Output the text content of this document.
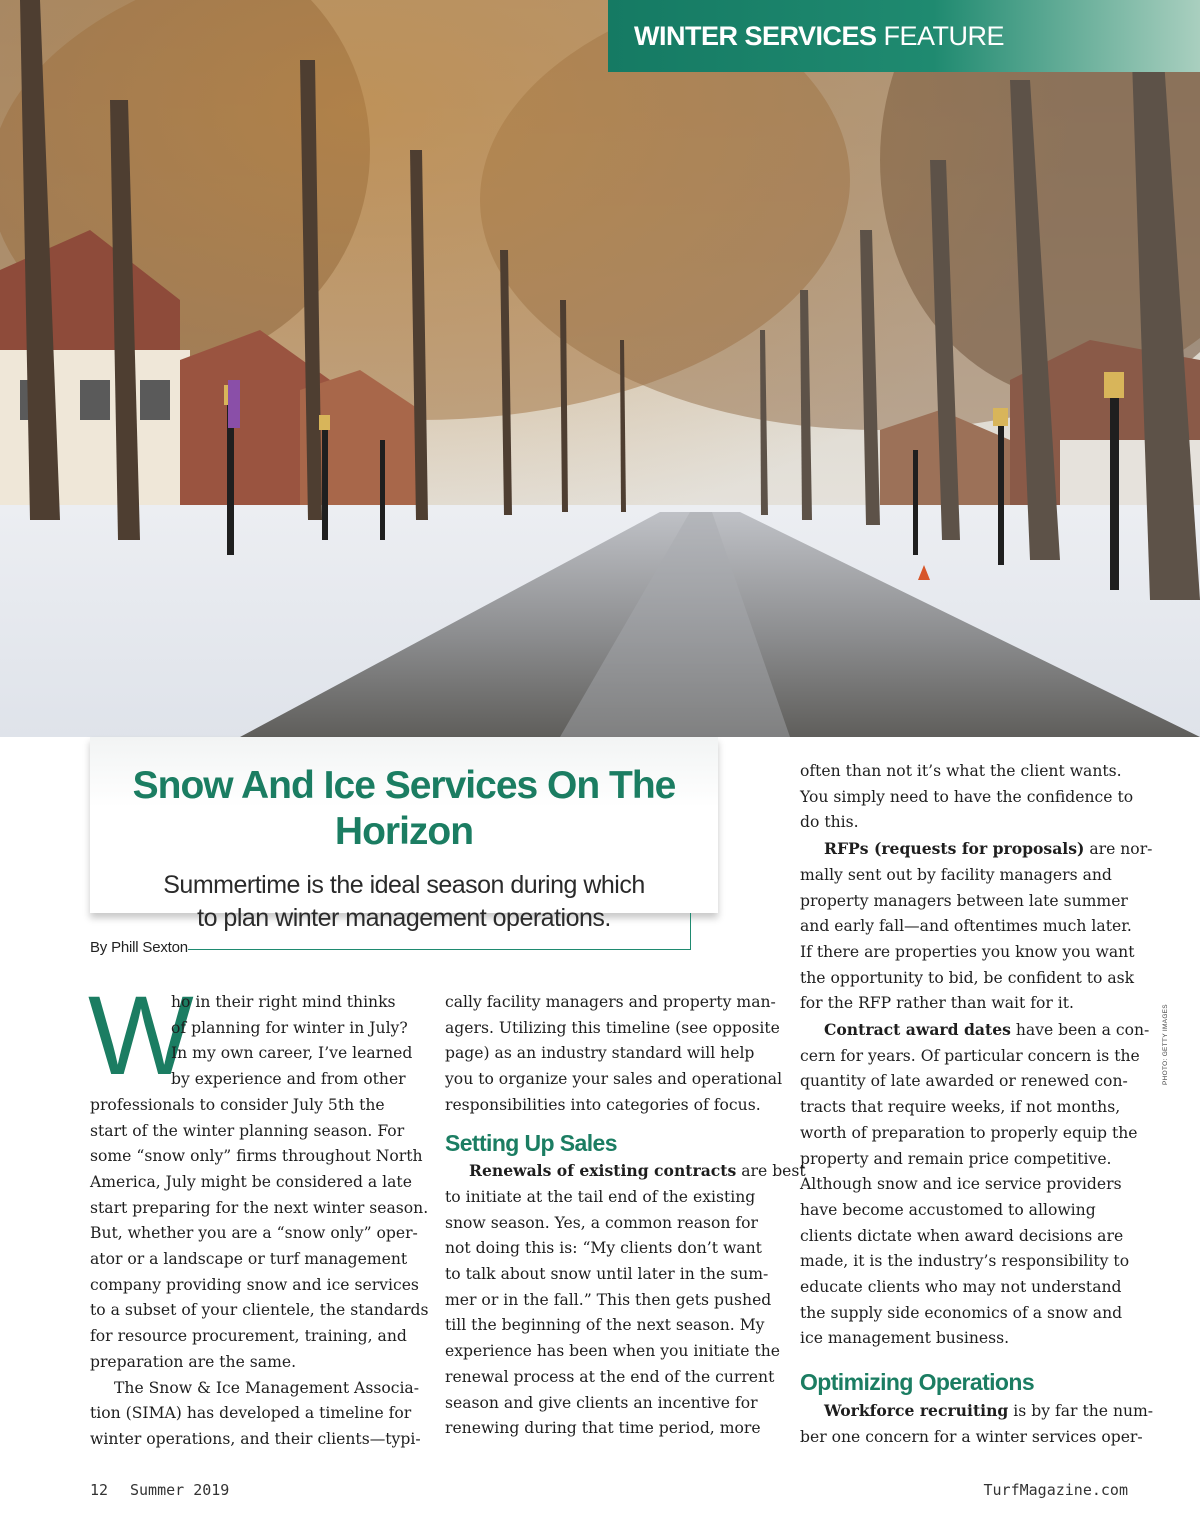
WINTER SERVICES FEATURE
Snow And Ice Services On The Horizon
Summertime is the ideal season during which
to plan winter management operations.
By Phill Sexton
W

ho in their right mind thinks
of planning for winter in July?
In my own career, I’ve learned
by experience and from other
professionals to consider July 5th the
start of the winter planning season. For
some “snow only” firms throughout North
America, July might be considered a late
start preparing for the next winter season.
But, whether you are a “snow only” oper-
ator or a landscape or turf management
company providing snow and ice services
to a subset of your clientele, the standards
for resource procurement, training, and
preparation are the same.

The Snow & Ice Management Associa-
tion (SIMA) has developed a timeline for
winter operations, and their clients—typi-

cally facility managers and property man-
agers. Utilizing this timeline (see opposite
page) as an industry standard will help
you to organize your sales and operational
responsibilities into categories of focus.

Setting Up Sales

Renewals of existing contracts are best
to initiate at the tail end of the existing
snow season. Yes, a common reason for
not doing this is: “My clients don’t want
to talk about snow until later in the sum-
mer or in the fall.” This then gets pushed
till the beginning of the next season. My
experience has been when you initiate the
renewal process at the end of the current
season and give clients an incentive for
renewing during that time period, more

often than not it’s what the client wants.
You simply need to have the confidence to
do this.

RFPs (requests for proposals) are nor-
mally sent out by facility managers and
property managers between late summer
and early fall—and oftentimes much later.
If there are properties you know you want
the opportunity to bid, be confident to ask
for the RFP rather than wait for it.

Contract award dates have been a con-
cern for years. Of particular concern is the
quantity of late awarded or renewed con-
tracts that require weeks, if not months,
worth of preparation to properly equip the
property and remain price competitive.
Although snow and ice service providers
have become accustomed to allowing
clients dictate when award decisions are
made, it is the industry’s responsibility to
educate clients who may not understand
the supply side economics of a snow and
ice management business.

Optimizing Operations

Workforce recruiting is by far the num-
ber one concern for a winter services oper-

PHOTO: GETTY IMAGES
12 Summer 2019	TurfMagazine.com
